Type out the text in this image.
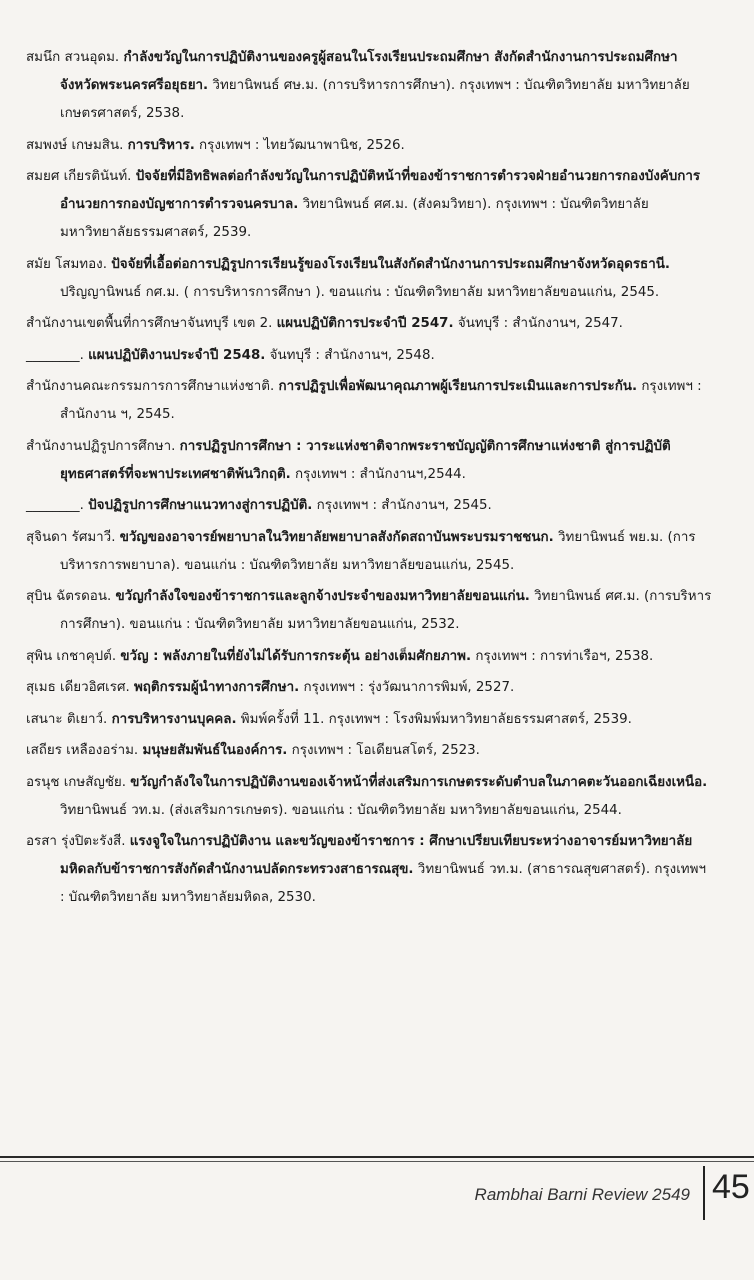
สมนึก สวนอุดม. กำลังขวัญในการปฏิบัติงานของครูผู้สอนในโรงเรียนประถมศึกษา สังกัดสำนักงานการประถมศึกษา จังหวัดพระนครศรีอยุธยา. วิทยานิพนธ์ ศษ.ม. (การบริหารการศึกษา). กรุงเทพฯ : บัณฑิตวิทยาลัย มหาวิทยาลัยเกษตรศาสตร์, 2538.
สมพงษ์ เกษมสิน. การบริหาร. กรุงเทพฯ : ไทยวัฒนาพานิช, 2526.
สมยศ เกียรตินันท์. ปัจจัยที่มีอิทธิพลต่อกำลังขวัญในการปฏิบัติหน้าที่ของข้าราชการตำรวจฝ่ายอำนวยการกองบังคับการอำนวยการกองบัญชาการตำรวจนครบาล. วิทยานิพนธ์ ศศ.ม. (สังคมวิทยา). กรุงเทพฯ : บัณฑิตวิทยาลัย มหาวิทยาลัยธรรมศาสตร์, 2539.
สมัย โสมทอง. ปัจจัยที่เอื้อต่อการปฏิรูปการเรียนรู้ของโรงเรียนในสังกัดสำนักงานการประถมศึกษาจังหวัดอุดรธานี. ปริญญานิพนธ์ กศ.ม. ( การบริหารการศึกษา ). ขอนแก่น : บัณฑิตวิทยาลัย มหาวิทยาลัยขอนแก่น, 2545.
สำนักงานเขตพื้นที่การศึกษาจันทบุรี เขต 2. แผนปฏิบัติการประจำปี 2547. จันทบุรี : สำนักงานฯ, 2547.
________. แผนปฏิบัติงานประจำปี 2548. จันทบุรี : สำนักงานฯ, 2548.
สำนักงานคณะกรรมการการศึกษาแห่งชาติ. การปฏิรูปเพื่อพัฒนาคุณภาพผู้เรียนการประเมินและการประกัน. กรุงเทพฯ : สำนักงาน ฯ, 2545.
สำนักงานปฏิรูปการศึกษา. การปฏิรูปการศึกษา : วาระแห่งชาติจากพระราชบัญญัติการศึกษาแห่งชาติ สู่การปฏิบัติยุทธศาสตร์ที่จะพาประเทศชาติพ้นวิกฤติ. กรุงเทพฯ : สำนักงานฯ,2544.
________. ปัจปฏิรูปการศึกษาแนวทางสู่การปฏิบัติ. กรุงเทพฯ : สำนักงานฯ, 2545.
สุจินดา รัศมาวี. ขวัญของอาจารย์พยาบาลในวิทยาลัยพยาบาลสังกัดสถาบันพระบรมราชชนก. วิทยานิพนธ์ พย.ม. (การบริหารการพยาบาล). ขอนแก่น : บัณฑิตวิทยาลัย มหาวิทยาลัยขอนแก่น, 2545.
สุบิน ฉัตรดอน. ขวัญกำลังใจของข้าราชการและลูกจ้างประจำของมหาวิทยาลัยขอนแก่น. วิทยานิพนธ์ ศศ.ม. (การบริหารการศึกษา). ขอนแก่น : บัณฑิตวิทยาลัย มหาวิทยาลัยขอนแก่น, 2532.
สุพิน เกชาคุปต์. ขวัญ : พลังภายในที่ยังไม่ได้รับการกระตุ้น อย่างเต็มศักยภาพ. กรุงเทพฯ : การท่าเรือฯ, 2538.
สุเมธ เดียวอิศเรศ. พฤติกรรมผู้นำทางการศึกษา. กรุงเทพฯ : รุ่งวัฒนาการพิมพ์, 2527.
เสนาะ ติเยาว์. การบริหารงานบุคคล. พิมพ์ครั้งที่ 11. กรุงเทพฯ : โรงพิมพ์มหาวิทยาลัยธรรมศาสตร์, 2539.
เสถียร เหลืองอร่าม. มนุษยสัมพันธ์ในองค์การ. กรุงเทพฯ : โอเดียนสโตร์, 2523.
อรนุช เกษสัญชัย. ขวัญกำลังใจในการปฏิบัติงานของเจ้าหน้าที่ส่งเสริมการเกษตรระดับตำบลในภาคตะวันออกเฉียงเหนือ. วิทยานิพนธ์ วท.ม. (ส่งเสริมการเกษตร). ขอนแก่น : บัณฑิตวิทยาลัย มหาวิทยาลัยขอนแก่น, 2544.
อรสา รุ่งปิตะรังสี. แรงจูใจในการปฏิบัติงาน และขวัญของข้าราชการ : ศึกษาเปรียบเทียบระหว่างอาจารย์มหาวิทยาลัยมหิดลกับข้าราชการสังกัดสำนักงานปลัดกระทรวงสาธารณสุข. วิทยานิพนธ์ วท.ม. (สาธารณสุขศาสตร์). กรุงเทพฯ : บัณฑิตวิทยาลัย มหาวิทยาลัยมหิดล, 2530.
Rambhai Barni Review 2549 45
